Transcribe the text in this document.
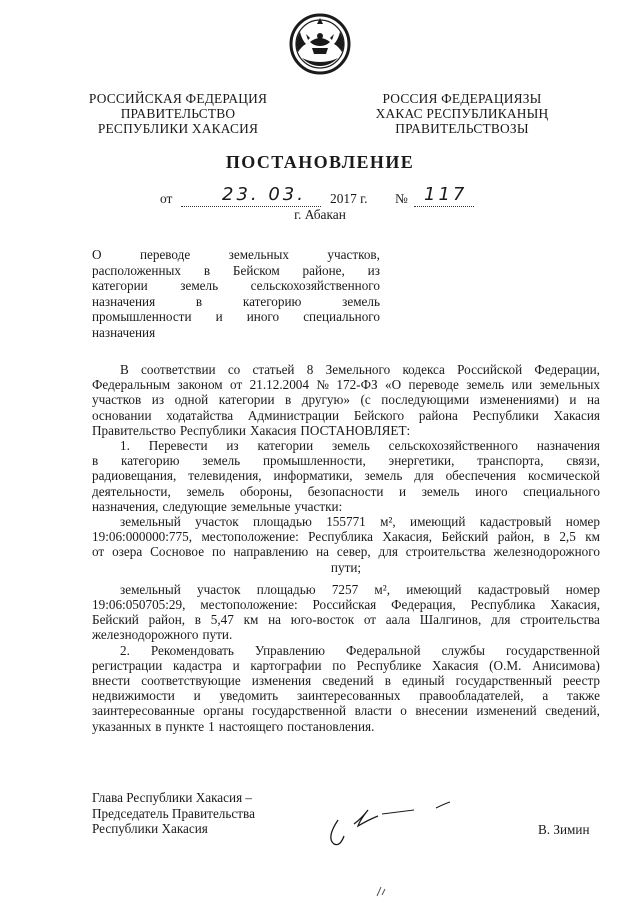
РОССИЙСКАЯ ФЕДЕРАЦИЯ
ПРАВИТЕЛЬСТВО
РЕСПУБЛИКИ ХАКАСИЯ
РОССИЯ ФЕДЕРАЦИЯЗЫ
ХАКАС РЕСПУБЛИКАНЫҢ
ПРАВИТЕЛЬСТВОЗЫ
ПОСТАНОВЛЕНИЕ
от	23. 03. 2017 г. № 117
г. Абакан
О	переводе	земельных	участков,
расположенных в Бейском районе, из
категории земель сельскохозяйственного
назначения	в	категорию	земель
промышленности и иного специального
назначения
В соответствии со статьей 8 Земельного кодекса Российской Федерации,
Федеральным законом от 21.12.2004 № 172-ФЗ «О переводе земель или земельных
участков из одной категории в другую» (с последующими изменениями) и на
основании ходатайства Администрации Бейского района Республики Хакасия
Правительство Республики Хакасия ПОСТАНОВЛЯЕТ:
1. Перевести из категории земель сельскохозяйственного назначения
в категорию земель промышленности, энергетики, транспорта, связи,
радиовещания, телевидения, информатики, земель для обеспечения космической
деятельности, земель обороны, безопасности и земель иного специального
назначения, следующие земельные участки:
земельный участок площадью 155771 м², имеющий кадастровый номер
19:06:000000:775, местоположение: Республика Хакасия, Бейский район, в 2,5 км
от озера Сосновое по направлению на север, для строительства железнодорожного
пути;
земельный участок площадью 7257 м², имеющий кадастровый номер
19:06:050705:29, местоположение: Российская Федерация, Республика Хакасия,
Бейский район, в 5,47 км на юго-восток от аала Шалгинов, для строительства
железнодорожного пути.
2. Рекомендовать Управлению Федеральной службы государственной
регистрации кадастра и картографии по Республике Хакасия (О.М. Анисимова)
внести соответствующие изменения сведений в единый государственный реестр
недвижимости и уведомить заинтересованных правообладателей, а также
заинтересованные органы государственной власти о внесении изменений сведений,
указанных в пункте 1 настоящего постановления.
Глава Республики Хакасия –
Председатель Правительства
Республики Хакасия	В. Зимин
